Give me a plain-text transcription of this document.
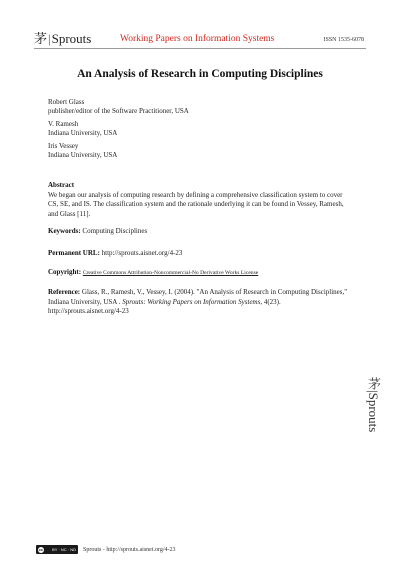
茅|Sprouts	Working Papers on Information Systems	ISSN 1535-6078
An Analysis of Research in Computing Disciplines
Robert Glass
publisher/editor of the Software Practitioner, USA
V. Ramesh
Indiana University, USA
Iris Vessey
Indiana University, USA
Abstract
We began our analysis of computing research by defining a comprehensive classification system to cover CS, SE, and IS. The classification system and the rationale underlying it can be found in Vessey, Ramesh, and Glass [11].
Keywords: Computing Disciplines
Permanent URL: http://sprouts.aisnet.org/4-23
Copyright: Creative Commons Attribution-Noncommercial-No Derivative Works License
Reference: Glass, R., Ramesh, V., Vessey, I. (2004). "An Analysis of Research in Computing Disciplines," Indiana University, USA . Sprouts: Working Papers on Information Systems, 4(23). http://sprouts.aisnet.org/4-23
茅|Sprouts
cc BY · NC · ND Sprouts - http://sprouts.aisnet.org/4-23
